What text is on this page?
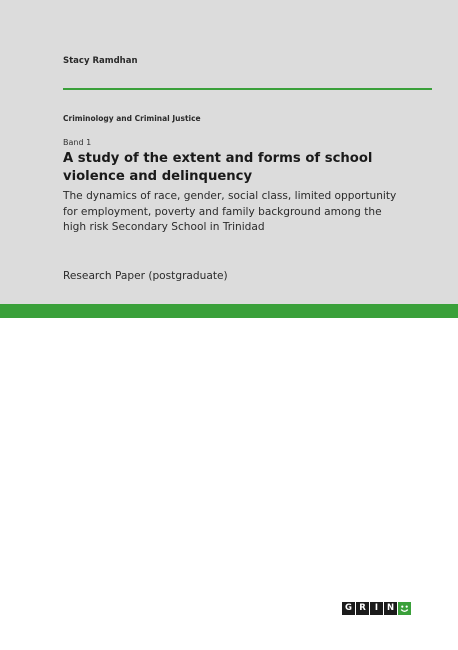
Stacy Ramdhan
Criminology and Criminal Justice
Band 1
A study of the extent and forms of school violence and delinquency

The dynamics of race, gender, social class, limited opportunity for employment, poverty and family background among the high risk Secondary School in Trinidad

Research Paper (postgraduate)
G R	I	N
